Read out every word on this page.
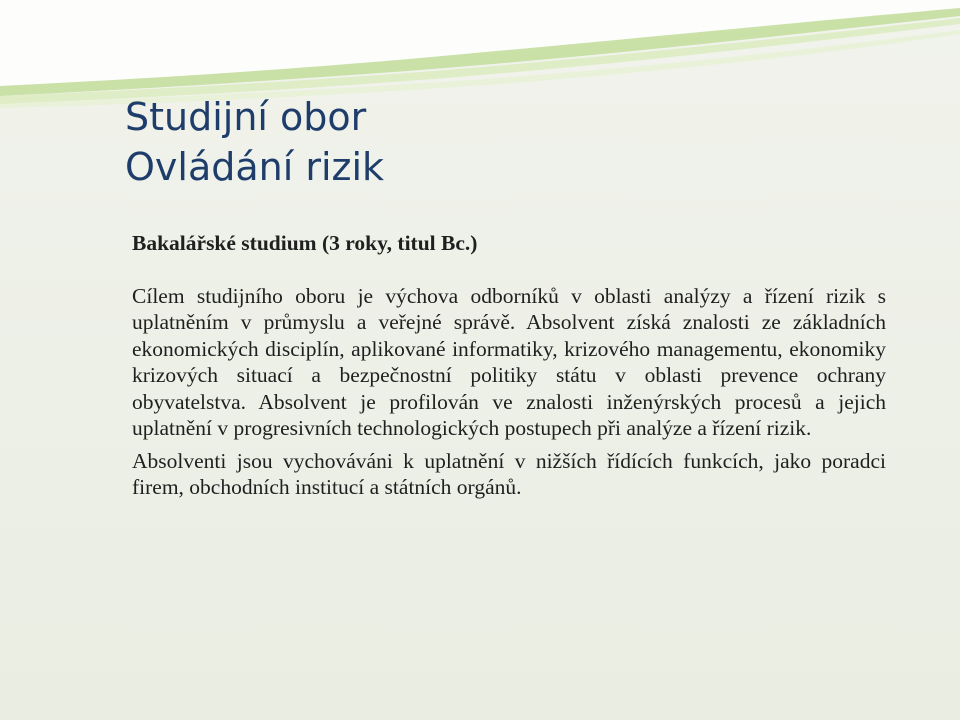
Studijní obor
Ovládání rizik

Bakalářské studium (3 roky, titul Bc.)

Cílem studijního oboru je výchova odborníků v oblasti analýzy a řízení rizik s uplatněním v průmyslu a veřejné správě. Absolvent získá znalosti ze základních ekonomických disciplín, aplikované informatiky, krizového managementu, ekonomiky krizových situací a bezpečnostní politiky státu v oblasti prevence ochrany obyvatelstva. Absolvent je profilován ve znalosti inženýrských procesů a jejich uplatnění v progresivních technologických postupech při analýze a řízení rizik.

Absolventi jsou vychováváni k uplatnění v nižších řídících funkcích, jako poradci firem, obchodních institucí a státních orgánů.
